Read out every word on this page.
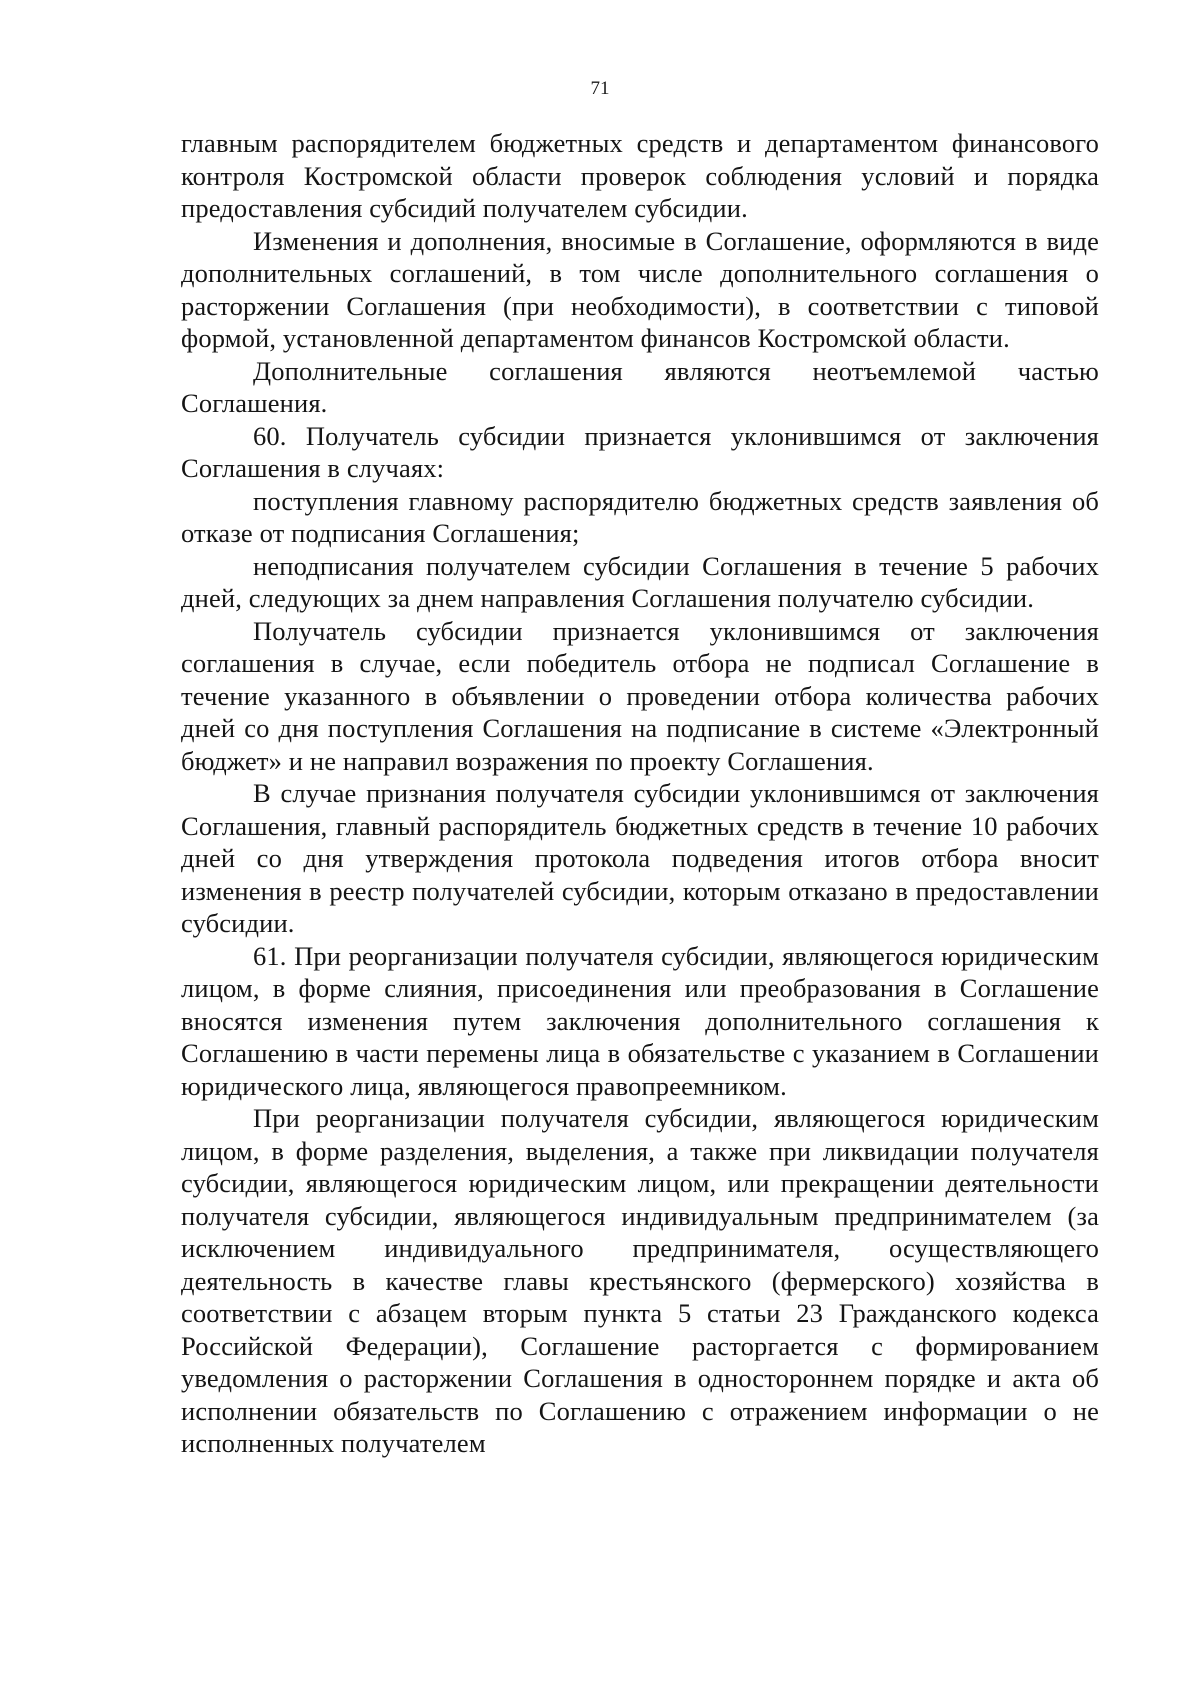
71

главным распорядителем бюджетных средств и департаментом финансового контроля Костромской области проверок соблюдения условий и порядка предоставления субсидий получателем субсидии.

Изменения и дополнения, вносимые в Соглашение, оформляются в виде дополнительных соглашений, в том числе дополнительного соглашения о расторжении Соглашения (при необходимости), в соответствии с типовой формой, установленной департаментом финансов Костромской области.

Дополнительные соглашения являются неотъемлемой частью Соглашения.

60. Получатель субсидии признается уклонившимся от заключения Соглашения в случаях:

поступления главному распорядителю бюджетных средств заявления об отказе от подписания Соглашения;

неподписания получателем субсидии Соглашения в течение 5 рабочих дней, следующих за днем направления Соглашения получателю субсидии.

Получатель субсидии признается уклонившимся от заключения соглашения в случае, если победитель отбора не подписал Соглашение в течение указанного в объявлении о проведении отбора количества рабочих дней со дня поступления Соглашения на подписание в системе «Электронный бюджет» и не направил возражения по проекту Соглашения.

В случае признания получателя субсидии уклонившимся от заключения Соглашения, главный распорядитель бюджетных средств в течение 10 рабочих дней со дня утверждения протокола подведения итогов отбора вносит изменения в реестр получателей субсидии, которым отказано в предоставлении субсидии.

61. При реорганизации получателя субсидии, являющегося юридическим лицом, в форме слияния, присоединения или преобразования в Соглашение вносятся изменения путем заключения дополнительного соглашения к Соглашению в части перемены лица в обязательстве с указанием в Соглашении юридического лица, являющегося правопреемником.

При реорганизации получателя субсидии, являющегося юридическим лицом, в форме разделения, выделения, а также при ликвидации получателя субсидии, являющегося юридическим лицом, или прекращении деятельности получателя субсидии, являющегося индивидуальным предпринимателем (за исключением индивидуального предпринимателя, осуществляющего деятельность в качестве главы крестьянского (фермерского) хозяйства в соответствии с абзацем вторым пункта 5 статьи 23 Гражданского кодекса Российской Федерации), Соглашение расторгается с формированием уведомления о расторжении Соглашения в одностороннем порядке и акта об исполнении обязательств по Соглашению с отражением информации о не исполненных получателем
